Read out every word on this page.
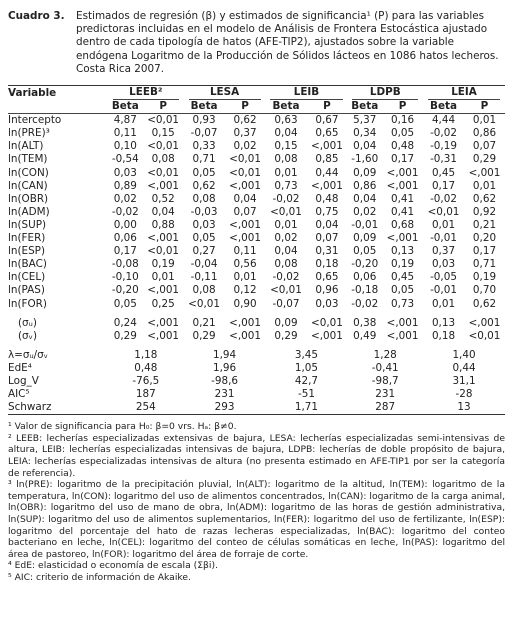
Cuadro 3.	Estimados de regresión (β) y estimados de significancia¹ (P) para las variables predictoras incluidas en el modelo de Análisis de Frontera Estocástica ajustado dentro de cada tipología de hatos (AFE-TIP2), ajustados sobre la variable endógena Logaritmo de la Producción de Sólidos lácteos en 1086 hatos lecheros. Costa Rica 2007.
Variable	LEEB²		LESA		LEIB		LDPB		LEIA	
	Beta	P	Beta	P	Beta	P	Beta	P	Beta	P
Intercepto	4,87	<0,01	0,93	0,62	0,63	0,67	5,37	0,16	4,44	0,01
ln(PRE)³	0,11	0,15	-0,07	0,37	0,04	0,65	0,34	0,05	-0,02	0,86
ln(ALT)	0,10	<0,01	0,33	0,02	0,15	<,001	0,04	0,48	-0,19	0,07
ln(TEM)	-0,54	0,08	0,71	<0,01	0,08	0,85	-1,60	0,17	-0,31	0,29
ln(CON)	0,03	<0,01	0,05	<0,01	0,01	0,44	0,09	<,001	0,45	<,001
ln(CAN)	0,89	<,001	0,62	<,001	0,73	<,001	0,86	<,001	0,17	0,01
ln(OBR)	0,02	0,52	0,08	0,04	-0,02	0,48	0,04	0,41	-0,02	0,62
ln(ADM)	-0,02	0,04	-0,03	0,07	<0,01	0,75	0,02	0,41	<0,01	0,92
ln(SUP)	0,00	0,88	0,03	<,001	0,01	0,04	-0,01	0,68	0,01	0,21
ln(FER)	0,06	<,001	0,05	<,001	0,02	0,07	0,09	<,001	-0,01	0,20
ln(ESP)	0,17	<0,01	0,27	0,11	0,04	0,31	0,05	0,13	0,37	0,17
ln(BAC)	-0,08	0,19	-0,04	0,56	0,08	0,18	-0,20	0,19	0,03	0,71
ln(CEL)	-0,10	0,01	-0,11	0,01	-0,02	0,65	0,06	0,45	-0,05	0,19
ln(PAS)	-0,20	<,001	0,08	0,12	<0,01	0,96	-0,18	0,05	-0,01	0,70
ln(FOR)	0,05	0,25	<0,01	0,90	-0,07	0,03	-0,02	0,73	0,01	0,62

(σᵤ)	0,24	<,001	0,21	<,001	0,09	<0,01	0,38	<,001	0,13	<,001
(σᵥ)	0,29	<,001	0,29	<,001	0,29	<,001	0,49	<,001	0,18	<0,01

λ=σᵤ/σᵥ	1,18		1,94		3,45		1,28		1,40	
EdE⁴	0,48		1,96		1,05		-0,41		0,44	
Log_V	-76,5		-98,6		42,7		-98,7		31,1	
AIC⁵	187		231		-51		231		-28	
Schwarz	254		293		1,71		287		13	

¹ Valor de significancia para H₀: β=0 vrs. Hₐ: β≠0.

² LEEB: lecherías especializadas extensivas de bajura, LESA: lecherías especializadas semi-intensivas de altura, LEIB: lecherías especializadas intensivas de bajura, LDPB: lecherías de doble propósito de bajura, LEIA: lecherías especializadas intensivas de altura (no presenta estimado en AFE-TIP1 por ser la categoría de referencia).

³ ln(PRE): logaritmo de la precipitación pluvial, ln(ALT): logaritmo de la altitud, ln(TEM): logaritmo de la temperatura, ln(CON): logaritmo del uso de alimentos concentrados, ln(CAN): logaritmo de la carga animal, ln(OBR): logaritmo del uso de mano de obra, ln(ADM): logaritmo de las horas de gestión administrativa, ln(SUP): logaritmo del uso de alimentos suplementarios, ln(FER): logaritmo del uso de fertilizante, ln(ESP): logaritmo del porcentaje del hato de razas lecheras especializadas, ln(BAC): logaritmo del conteo bacteriano en leche, ln(CEL): logaritmo del conteo de células somáticas en leche, ln(PAS): logaritmo del área de pastoreo, ln(FOR): logaritmo del área de forraje de corte.

⁴ EdE: elasticidad o economía de escala (Σβi).

⁵ AIC: criterio de información de Akaike.
